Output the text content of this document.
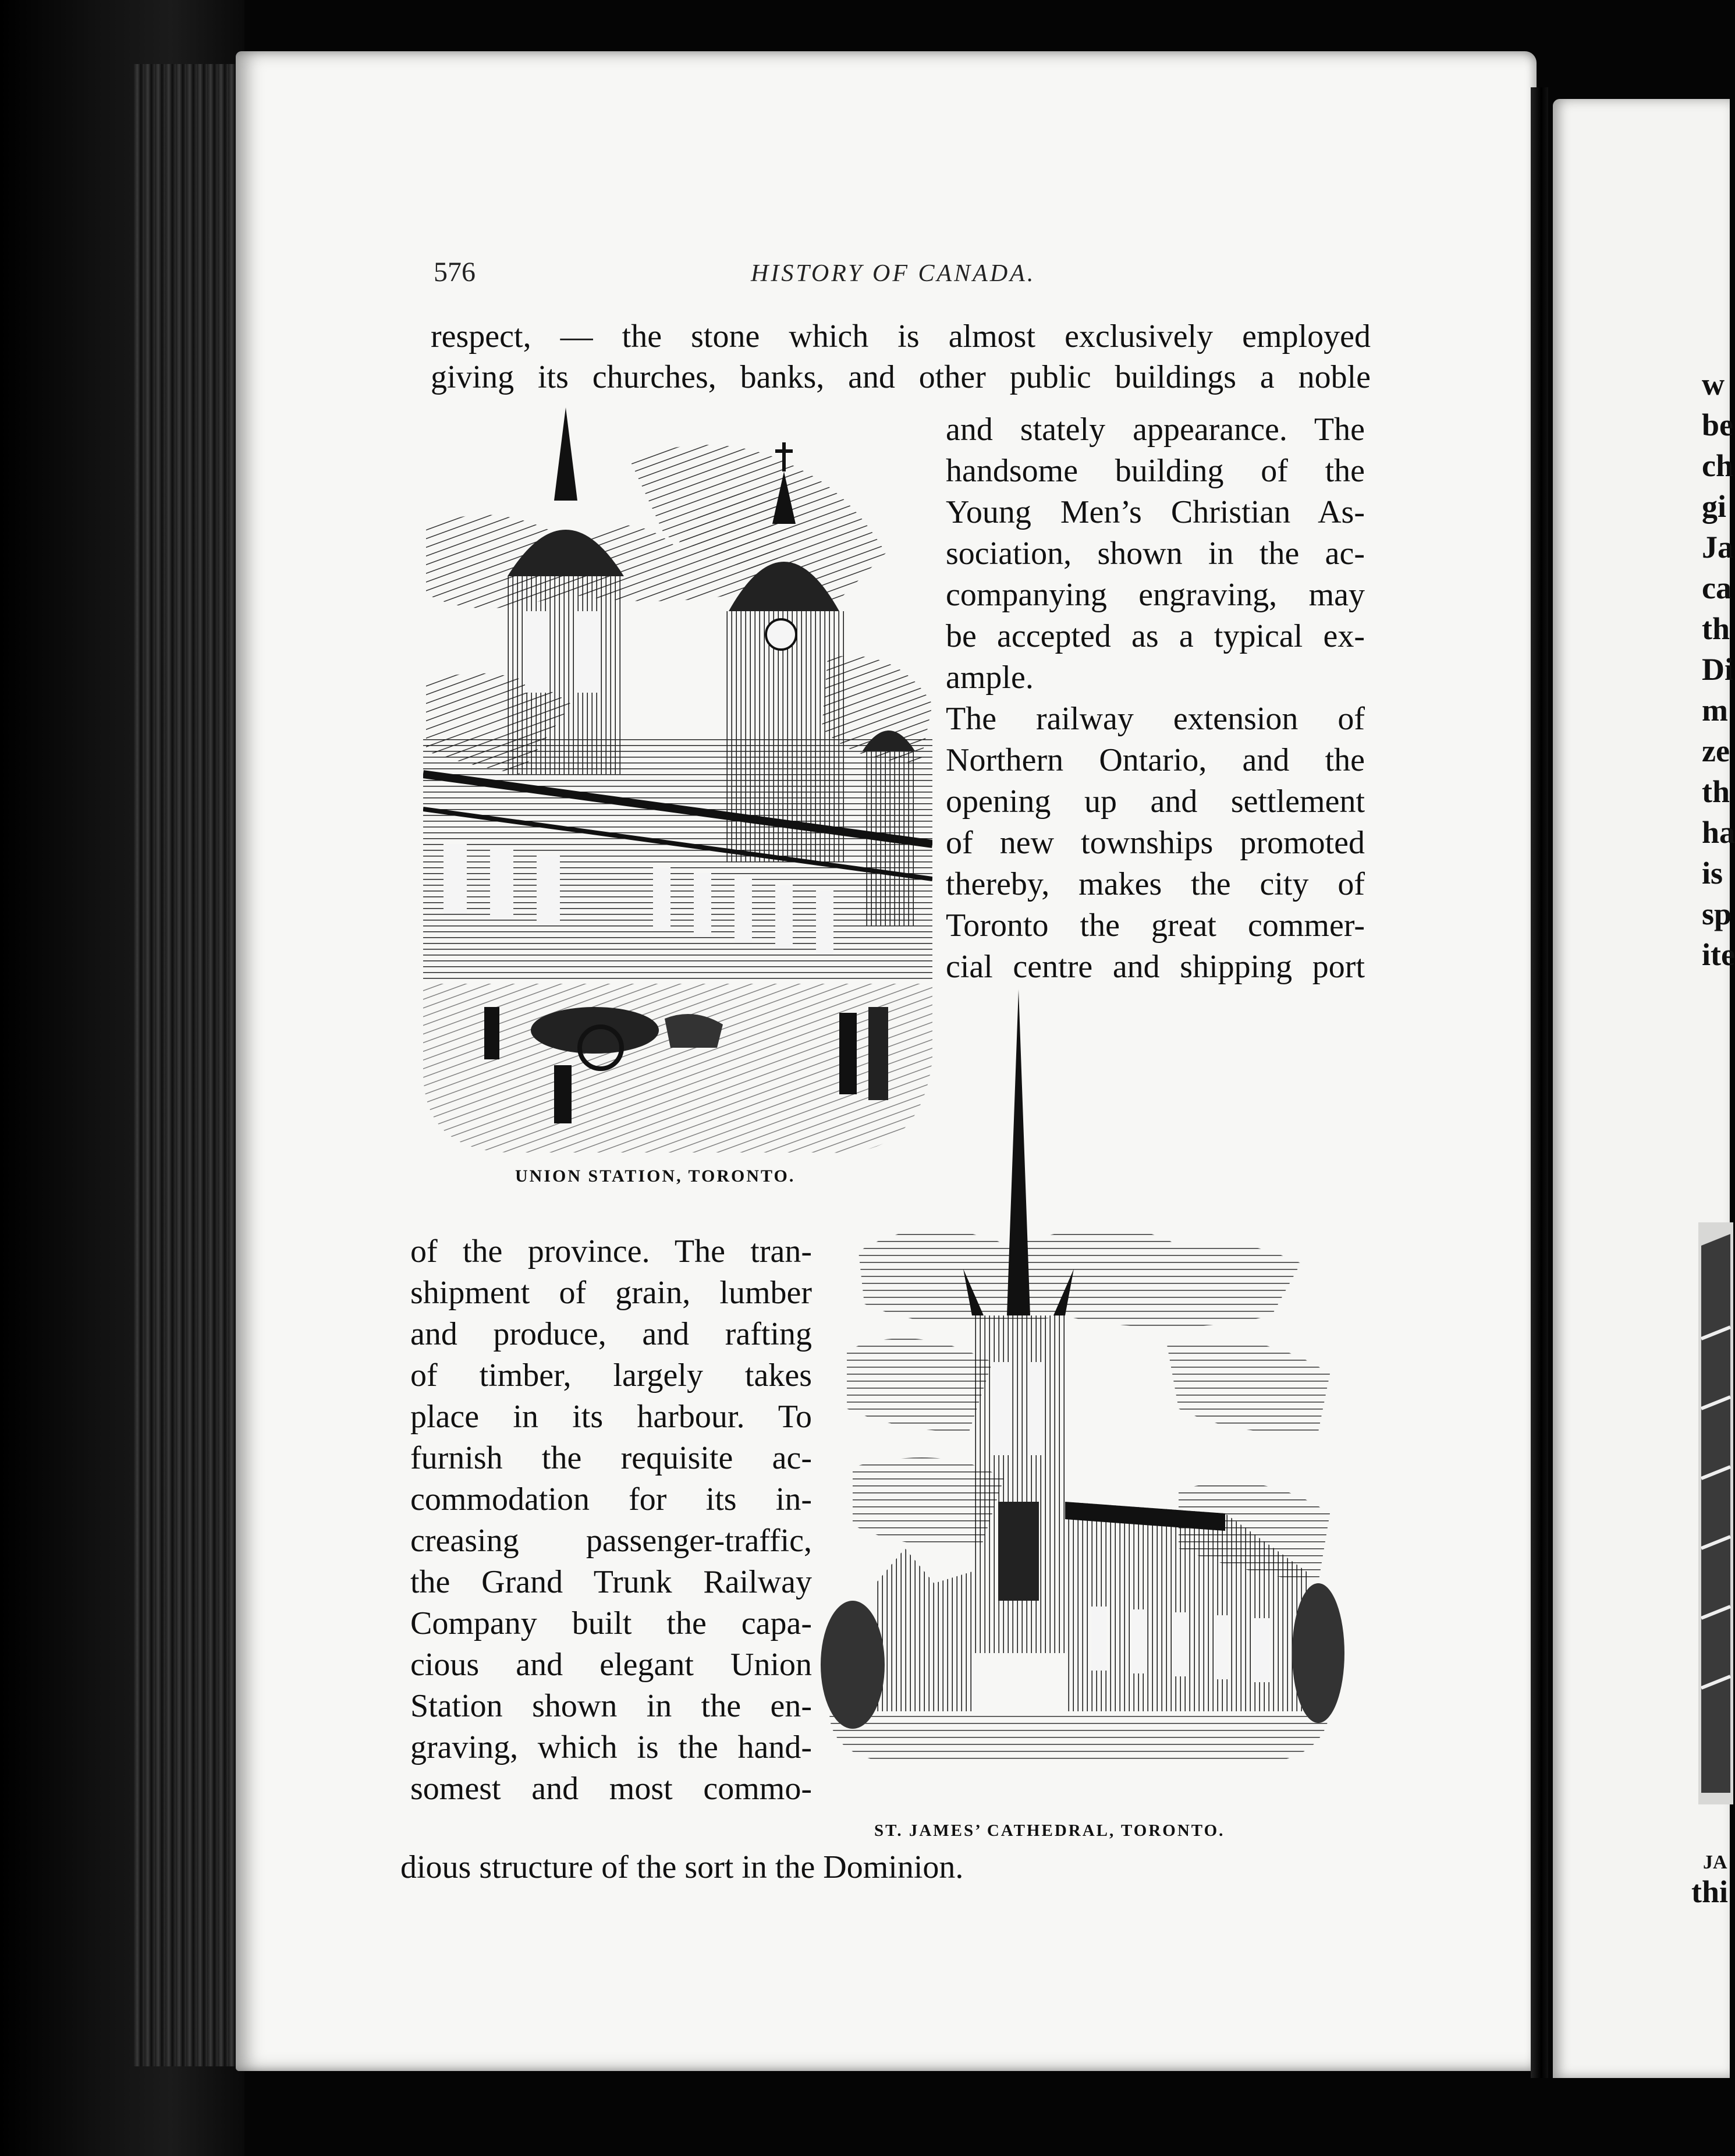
w
be
ch
gi
Ja
ca
th
Di
m
ze
th
ha
is
sp
ite
JA
thi
576	HISTORY OF CANADA.
respect, — the stone which is almost exclusively employed
giving its churches, banks, and other public buildings a noble
and stately appearance. The
handsome building of the
Young Men’s Christian As-
sociation, shown in the ac-
companying engraving, may
be accepted as a typical ex-
ample.
The railway extension of
Northern Ontario, and the
opening up and settlement
of new townships promoted
thereby, makes the city of
Toronto the great commer-
cial centre and shipping port
UNION STATION, TORONTO.
of the province. The tran-
shipment of grain, lumber
and produce, and rafting
of timber, largely takes
place in its harbour. To
furnish the requisite ac-
commodation for its in-
creasing passenger-traffic,
the Grand Trunk Railway
Company built the capa-
cious and elegant Union
Station shown in the en-
graving, which is the hand-
somest and most commo-
ST. JAMES’ CATHEDRAL, TORONTO.
dious structure of the sort in the Dominion.
